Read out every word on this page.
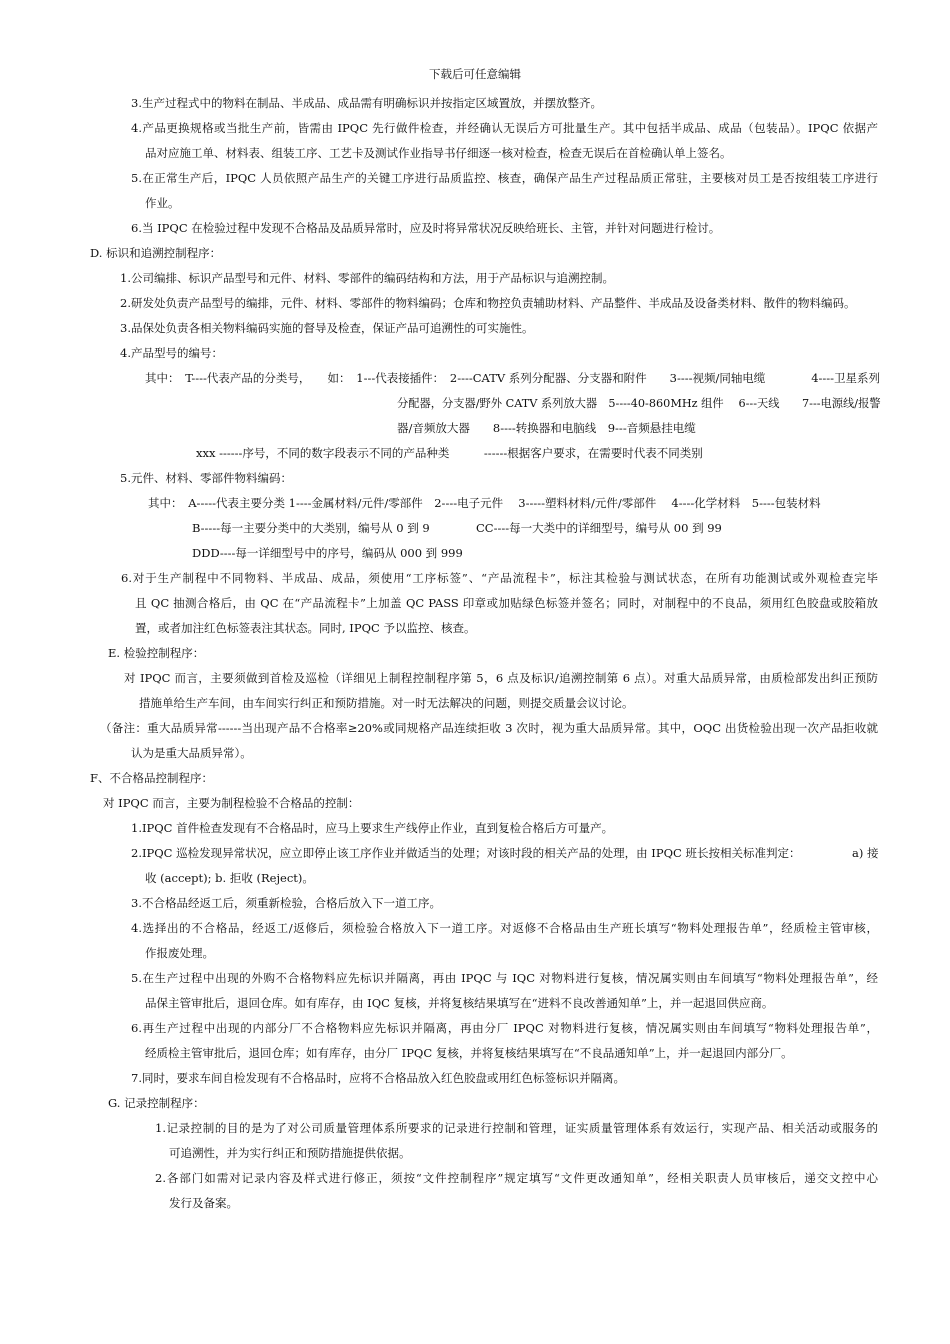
下载后可任意编辑
3.生产过程式中的物料在制品、半成品、成品需有明确标识并按指定区域置放，并摆放整齐。
4.产品更换规格或当批生产前，皆需由 IPQC 先行做件检查，并经确认无误后方可批量生产。其中包括半成品、成品（包装品）。IPQC 依据产
品对应施工单、材料表、组装工序、工艺卡及测试作业指导书仔细逐一核对检查，检查无误后在首检确认单上签名。
5.在正常生产后，IPQC 人员依照产品生产的关键工序进行品质监控、核查，确保产品生产过程品质正常驻，主要核对员工是否按组装工序进行
作业。
6.当 IPQC 在检验过程中发现不合格品及品质异常时，应及时将异常状况反映给班长、主管，并针对问题进行检讨。
D. 标识和追溯控制程序：
1.公司编排、标识产品型号和元件、材料、零部件的编码结构和方法，用于产品标识与追溯控制。
2.研发处负责产品型号的编排，元件、材料、零部件的物料编码；仓库和物控负责辅助材料、产品整件、半成品及设备类材料、散件的物料编码。
3.品保处负责各相关物料编码实施的督导及检查，保证产品可追溯性的可实施性。
4.产品型号的编号：
其中：　T----代表产品的分类号，　　如：　1---代表接插件：　2----CATV 系列分配器、分支器和附件　　3----视频/同轴电缆　　　　4----卫星系列
分配器，分支器/野外 CATV 系列放大器　5----40-860MHz 组件　 6---天线　　7---电源线/报警
器/音频放大器　　8----转换器和电脑线　9---音频悬挂电缆
xxx ------序号，不同的数字段表示不同的产品种类　　　------根据客户要求，在需要时代表不同类别
5.元件、材料、零部件物料编码：
其中：　A-----代表主要分类 1----金属材料/元件/零部件　2----电子元件　 3-----塑料材料/元件/零部件　 4----化学材料　5----包装材料
B-----每一主要分类中的大类别，编号从 0 到 9	CC----每一大类中的详细型号，编号从 00 到 99
DDD----每一详细型号中的序号，编码从 000 到 999
6.对于生产制程中不同物料、半成品、成品，须使用“工序标签”、“产品流程卡”，标注其检验与测试状态，在所有功能测试或外观检查完毕
且 QC 抽测合格后，由 QC 在“产品流程卡”上加盖 QC PASS 印章或加贴绿色标签并签名；同时，对制程中的不良品，须用红色胶盘或胶箱放
置，或者加注红色标签表注其状态。同时, IPQC 予以监控、核查。
E. 检验控制程序：
对 IPQC 而言，主要须做到首检及巡检（详细见上制程控制程序第 5，6 点及标识/追溯控制第 6 点）。对重大品质异常，由质检部发出纠正预防
措施单给生产车间，由车间实行纠正和预防措施。对一时无法解决的问题，则提交质量会议讨论。
（备注：重大品质异常------当出现产品不合格率≥20%或同规格产品连续拒收 3 次时，视为重大品质异常。其中，OQC 出货检验出现一次产品拒收就
认为是重大品质异常）。
F、不合格品控制程序：
对 IPQC 而言，主要为制程检验不合格品的控制：
1.IPQC 首件检查发现有不合格品时，应马上要求生产线停止作业，直到复检合格后方可量产。
2.IPQC 巡检发现异常状况，应立即停止该工序作业并做适当的处理；对该时段的相关产品的处理，由 IPQC 班长按相关标准判定：	a) 接
收 (accept); b. 拒收 (Reject)。
3.不合格品经返工后，须重新检验，合格后放入下一道工序。
4.选择出的不合格品，经返工/返修后，须检验合格放入下一道工序。对返修不合格品由生产班长填写“物料处理报告单”，经质检主管审核，
作报废处理。
5.在生产过程中出现的外购不合格物料应先标识并隔离，再由 IPQC 与 IQC 对物料进行复核，情况属实则由车间填写“物料处理报告单”，经
品保主管审批后，退回仓库。如有库存，由 IQC 复核，并将复核结果填写在“进料不良改善通知单”上，并一起退回供应商。
6.再生产过程中出现的内部分厂不合格物料应先标识并隔离，再由分厂 IPQC 对物料进行复核，情况属实则由车间填写“物料处理报告单”，
经质检主管审批后，退回仓库；如有库存，由分厂 IPQC 复核，并将复核结果填写在“不良品通知单”上，并一起退回内部分厂。
7.同时，要求车间自检发现有不合格品时，应将不合格品放入红色胶盘或用红色标签标识并隔离。
G. 记录控制程序：
1.记录控制的目的是为了对公司质量管理体系所要求的记录进行控制和管理，证实质量管理体系有效运行，实现产品、相关活动或服务的
可追溯性，并为实行纠正和预防措施提供依据。
2.各部门如需对记录内容及样式进行修正，须按“文件控制程序”规定填写“文件更改通知单”，经相关职责人员审核后，递交文控中心
发行及备案。
